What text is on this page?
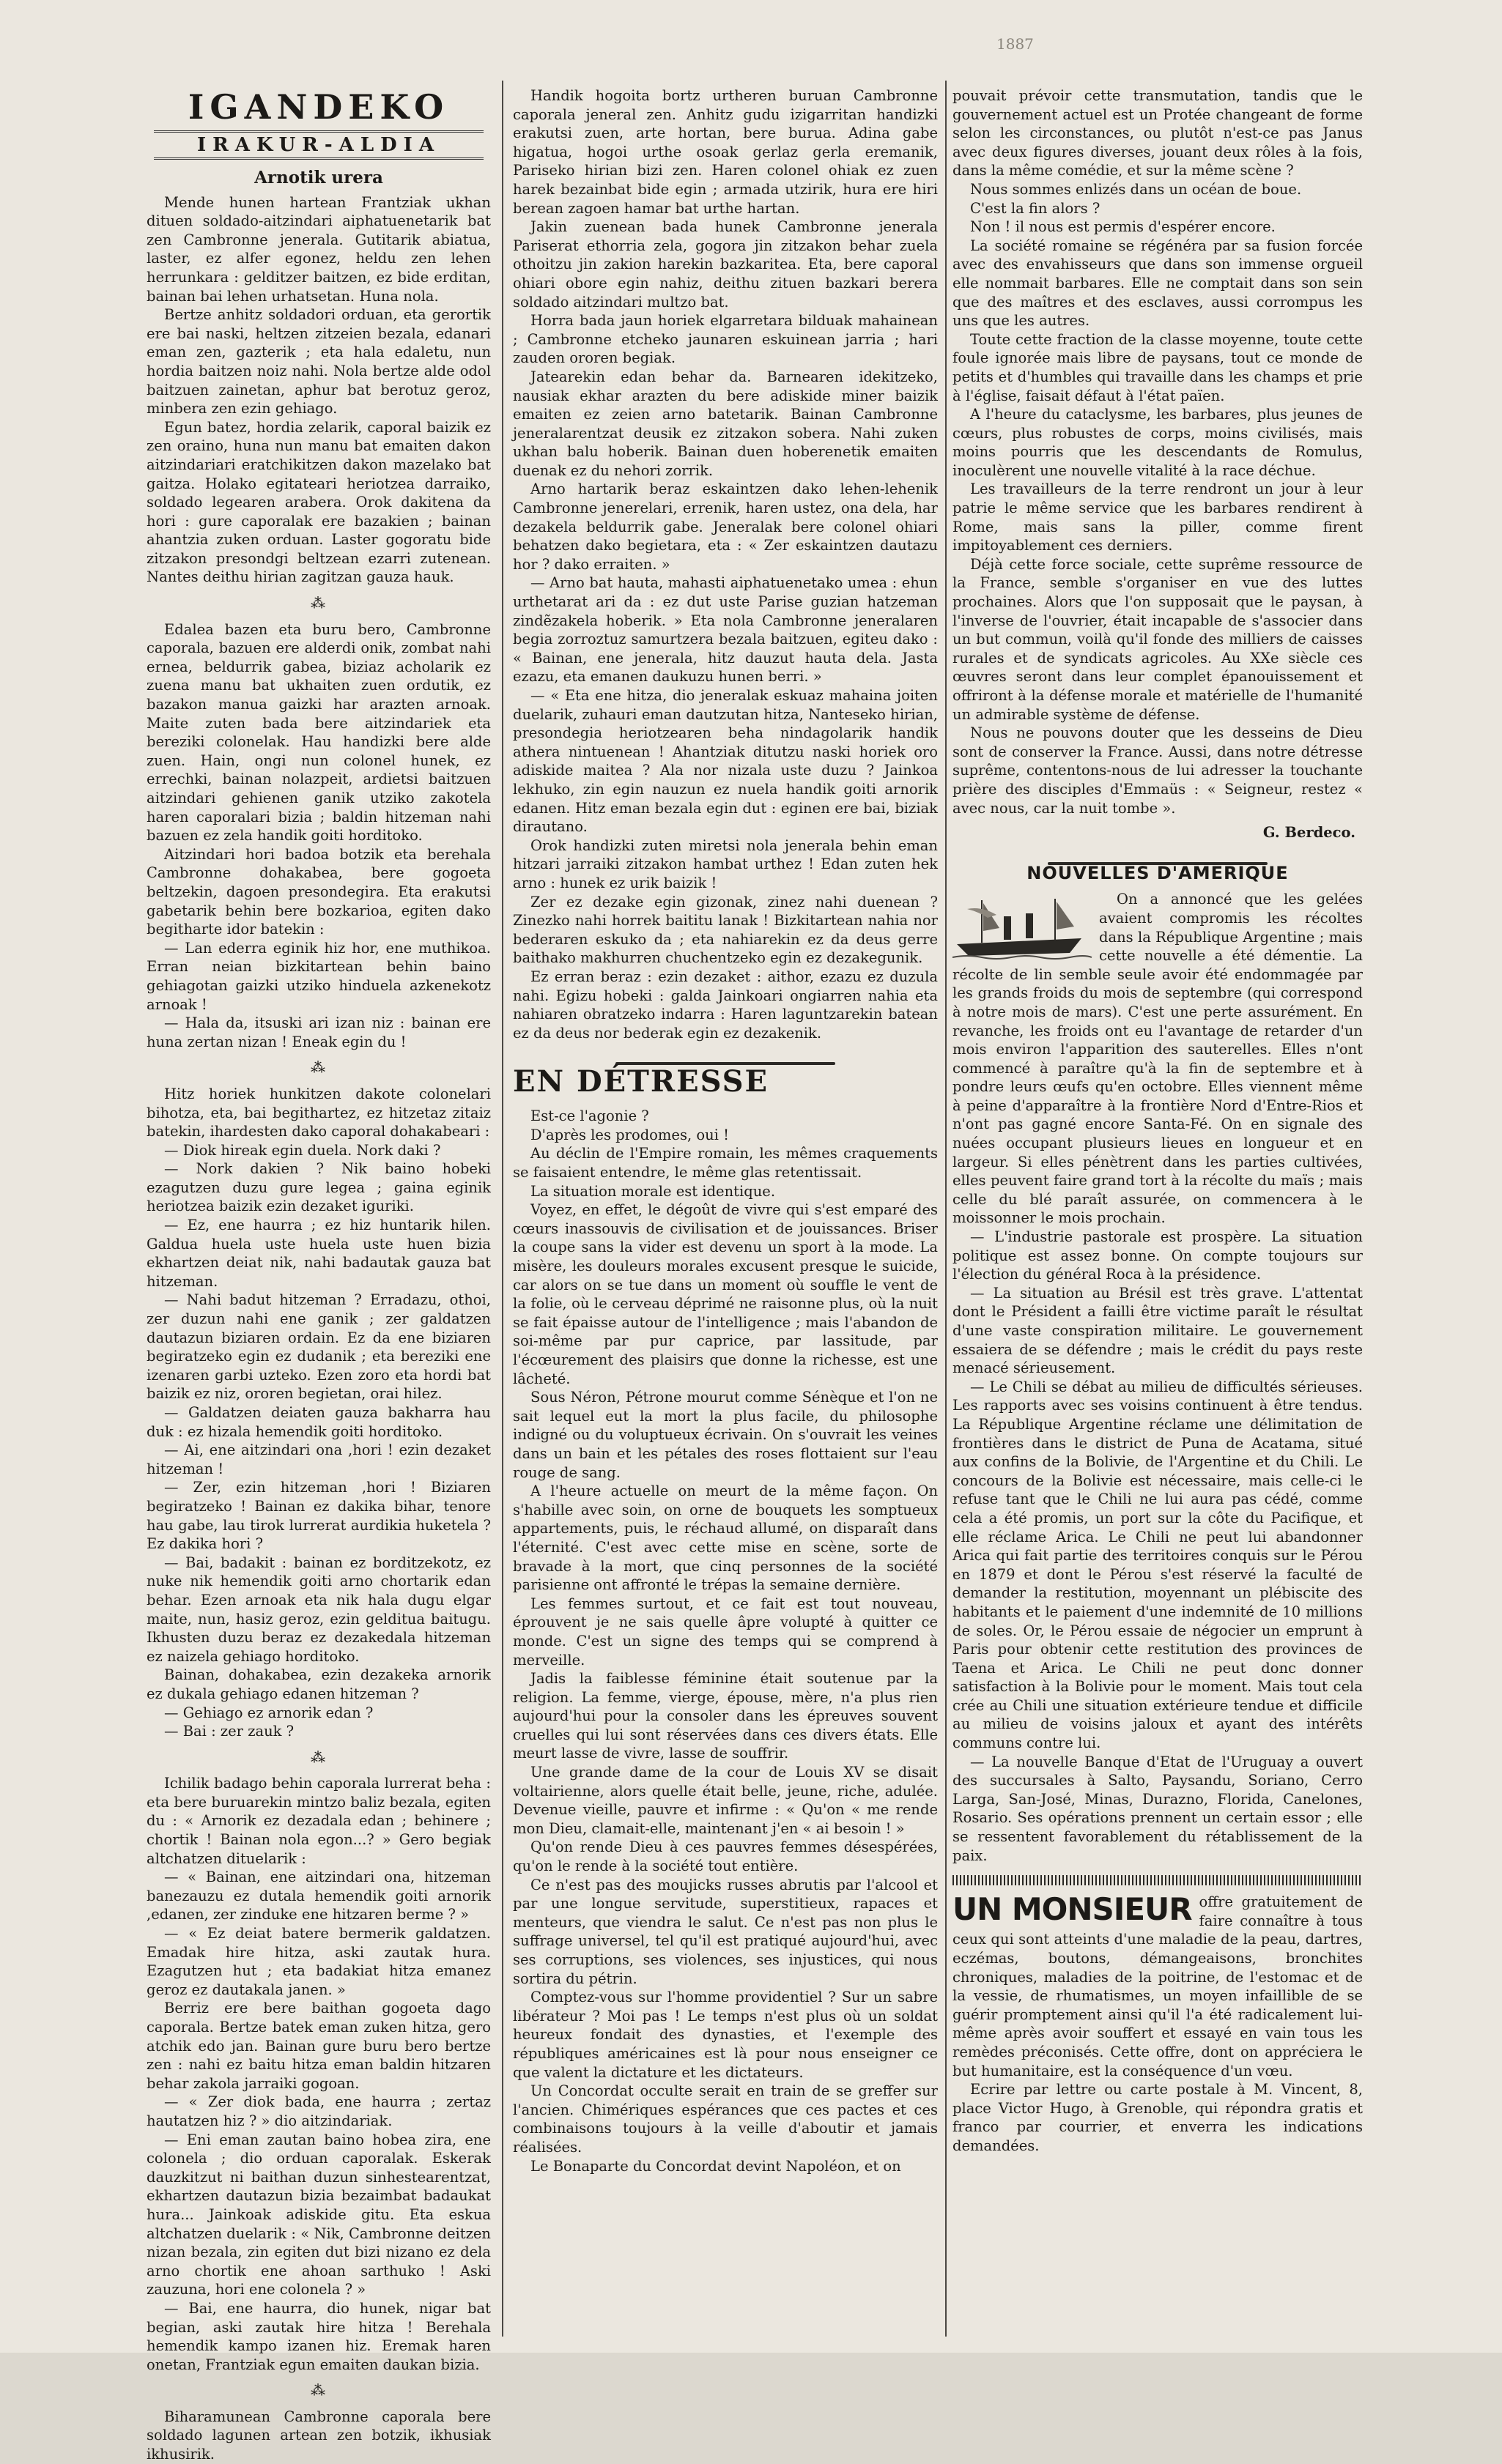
IGANDEKO
IRAKUR-ALDIA
Arnotik urera

Mende hunen hartean Frantziak ukhan dituen soldado-aitzindari aiphatuenetarik bat zen Cambronne jenerala. Gutitarik abiatua, laster, ez alfer egonez, heldu zen lehen herrunkara : gelditzer baitzen, ez bide erditan, bainan bai lehen urhatsetan. Huna nola.

Bertze anhitz soldadori orduan, eta gerortik ere bai naski, heltzen zitzeien bezala, edanari eman zen, gazterik ; eta hala edaletu, nun hordia baitzen noiz nahi. Nola bertze alde odol baitzuen zainetan, aphur bat berotuz geroz, minbera zen ezin gehiago.

Egun batez, hordia zelarik, caporal baizik ez zen oraino, huna nun manu bat emaiten dakon aitzindariari eratchikitzen dakon mazelako bat gaitza. Holako egitateari heriotzea darraiko, soldado legearen arabera. Orok dakitena da hori : gure caporalak ere bazakien ; bainan ahantzia zuken orduan. Laster gogoratu bide zitzakon presondgi beltzean ezarri zutenean. Nantes deithu hirian zagitzan gauza hauk.

⁂

Edalea bazen eta buru bero, Cambronne caporala, bazuen ere alderdi onik, zombat nahi ernea, beldurrik gabea, biziaz acholarik ez zuena manu bat ukhaiten zuen ordutik, ez bazakon manua gaizki har arazten arnoak. Maite zuten bada bere aitzindariek eta bereziki colonelak. Hau handizki bere alde zuen. Hain, ongi nun colonel hunek, ez errechki, bainan nolazpeit, ardietsi baitzuen aitzindari gehienen ganik utziko zakotela haren caporalari bizia ; baldin hitzeman nahi bazuen ez zela handik goiti horditoko.

Aitzindari hori badoa botzik eta berehala Cambronne dohakabea, bere gogoeta beltzekin, dagoen presondegira. Eta erakutsi gabetarik behin bere bozkarioa, egiten dako begitharte idor batekin :

— Lan ederra eginik hiz hor, ene muthikoa. Erran neian bizkitartean behin baino gehiagotan gaizki utziko hinduela azkenekotz arnoak !

— Hala da, itsuski ari izan niz : bainan ere huna zertan nizan ! Eneak egin du !

⁂

Hitz horiek hunkitzen dakote colonelari bihotza, eta, bai begithartez, ez hitzetaz zitaiz batekin, ihardesten dako caporal dohakabeari :

— Diok hireak egin duela. Nork daki ?

— Nork dakien ? Nik baino hobeki ezagutzen duzu gure legea ; gaina eginik heriotzea baizik ezin dezaket iguriki.

— Ez, ene haurra ; ez hiz huntarik hilen. Galdua huela uste huela uste huen bizia ekhartzen deiat nik, nahi badautak gauza bat hitzeman.

— Nahi badut hitzeman ? Erradazu, othoi, zer duzun nahi ene ganik ; zer galdatzen dautazun biziaren ordain. Ez da ene biziaren begiratzeko egin ez dudanik ; eta bereziki ene izenaren garbi uzteko. Ezen zoro eta hordi bat baizik ez niz, ororen begietan, orai hilez.

— Galdatzen deiaten gauza bakharra hau duk : ez hizala hemendik goiti horditoko.

— Ai, ene aitzindari ona ,hori ! ezin dezaket hitzeman !

— Zer, ezin hitzeman ,hori ! Biziaren begiratzeko ! Bainan ez dakika bihar, tenore hau gabe, lau tirok lurrerat aurdikia huketela ? Ez dakika hori ?

— Bai, badakit : bainan ez borditzekotz, ez nuke nik hemendik goiti arno chortarik edan behar. Ezen arnoak eta nik hala dugu elgar maite, nun, hasiz geroz, ezin gelditua baitugu. Ikhusten duzu beraz ez dezakedala hitzeman ez naizela gehiago horditoko.

Bainan, dohakabea, ezin dezakeka arnorik ez dukala gehiago edanen hitzeman ?

— Gehiago ez arnorik edan ?

— Bai : zer zauk ?

⁂

Ichilik badago behin caporala lurrerat beha : eta bere buruarekin mintzo baliz bezala, egiten du : « Arnorik ez dezadala edan ; behinere ; chortik ! Bainan nola egon...? » Gero begiak altchatzen dituelarik :

— « Bainan, ene aitzindari ona, hitzeman banezauzu ez dutala hemendik goiti arnorik ,edanen, zer zinduke ene hitzaren berme ? »

— « Ez deiat batere bermerik galdatzen. Emadak hire hitza, aski zautak hura. Ezagutzen hut ; eta badakiat hitza emanez geroz ez dautakala janen. »

Berriz ere bere baithan gogoeta dago caporala. Bertze batek eman zuken hitza, gero atchik edo jan. Bainan gure buru bero bertze zen : nahi ez baitu hitza eman baldin hitzaren behar zakola jarraiki gogoan.

— « Zer diok bada, ene haurra ; zertaz hautatzen hiz ? » dio aitzindariak.

— Eni eman zautan baino hobea zira, ene colonela ; dio orduan caporalak. Eskerak dauzkitzut ni baithan duzun sinhestearentzat, ekhartzen dautazun bizia bezaimbat badaukat hura... Jainkoak adiskide gitu. Eta eskua altchatzen duelarik : « Nik, Cambronne deitzen nizan bezala, zin egiten dut bizi nizano ez dela arno chortik ene ahoan sarthuko ! Aski zauzuna, hori ene colonela ? »

— Bai, ene haurra, dio hunek, nigar bat begian, aski zautak hire hitza ! Berehala hemendik kampo izanen hiz. Eremak haren onetan, Frantziak egun emaiten daukan bizia.

⁂

Biharamunean Cambronne caporala bere soldado lagunen artean zen botzik, ikhusiak ikhusirik.

Handik hogoita bortz urtheren buruan Cambronne caporala jeneral zen. Anhitz gudu izigarritan handizki erakutsi zuen, arte hortan, bere burua. Adina gabe higatua, hogoi urthe osoak gerlaz gerla eremanik, Pariseko hirian bizi zen. Haren colonel ohiak ez zuen harek bezainbat bide egin ; armada utzirik, hura ere hiri berean zagoen hamar bat urthe hartan.

Jakin zuenean bada hunek Cambronne jenerala Pariserat ethorria zela, gogora jin zitzakon behar zuela othoitzu jin zakion harekin bazkaritea. Eta, bere caporal ohiari obore egin nahiz, deithu zituen bazkari berera soldado aitzindari multzo bat.

Horra bada jaun horiek elgarretara bilduak mahainean ; Cambronne etcheko jaunaren eskuinean jarria ; hari zauden ororen begiak.

Jatearekin edan behar da. Barnearen idekitzeko, nausiak ekhar arazten du bere adiskide miner baizik emaiten ez zeien arno batetarik. Bainan Cambronne jeneralarentzat deusik ez zitzakon sobera. Nahi zuken ukhan balu hoberik. Bainan duen hoberenetik emaiten duenak ez du nehori zorrik.

Arno hartarik beraz eskaintzen dako lehen-lehenik Cambronne jenerelari, errenik, haren ustez, ona dela, har dezakela beldurrik gabe. Jeneralak bere colonel ohiari behatzen dako begietara, eta : « Zer eskaintzen dautazu hor ? dako erraiten. »

— Arno bat hauta, mahasti aiphatuenetako umea : ehun urthetarat ari da : ez dut uste Parise guzian hatzeman zindẽzakela hoberik. » Eta nola Cambronne jeneralaren begia zorroztuz samurtzera bezala baitzuen, egiteu dako : « Bainan, ene jenerala, hitz dauzut hauta dela. Jasta ezazu, eta emanen daukuzu hunen berri. »

— « Eta ene hitza, dio jeneralak eskuaz mahaina joiten duelarik, zuhauri eman dautzutan hitza, Nanteseko hirian, presondegia heriotzearen beha nindagolarik handik athera nintuenean ! Ahantziak ditutzu naski horiek oro adiskide maitea ? Ala nor nizala uste duzu ? Jainkoa lekhuko, zin egin nauzun ez nuela handik goiti arnorik edanen. Hitz eman bezala egin dut : eginen ere bai, biziak dirautano.

Orok handizki zuten miretsi nola jenerala behin eman hitzari jarraiki zitzakon hambat urthez ! Edan zuten hek arno : hunek ez urik baizik !

Zer ez dezake egin gizonak, zinez nahi duenean ? Zinezko nahi horrek baititu lanak ! Bizkitartean nahia nor bederaren eskuko da ; eta nahiarekin ez da deus gerre baithako makhurren chuchentzeko egin ez dezakegunik.

Ez erran beraz : ezin dezaket : aithor, ezazu ez duzula nahi. Egizu hobeki : galda Jainkoari ongiarren nahia eta nahiaren obratzeko indarra : Haren laguntzarekin batean ez da deus nor bederak egin ez dezakenik.

EN DÉTRESSE

Est-ce l'agonie ?

D'après les prodomes, oui !

Au déclin de l'Empire romain, les mêmes craquements se faisaient entendre, le même glas retentissait.

La situation morale est identique.

Voyez, en effet, le dégoût de vivre qui s'est emparé des cœurs inassouvis de civilisation et de jouissances. Briser la coupe sans la vider est devenu un sport à la mode. La misère, les douleurs morales excusent presque le suicide, car alors on se tue dans un moment où souffle le vent de la folie, où le cerveau déprimé ne raisonne plus, où la nuit se fait épaisse autour de l'intelligence ; mais l'abandon de soi-même par pur caprice, par lassitude, par l'écœurement des plaisirs que donne la richesse, est une lâcheté.

Sous Néron, Pétrone mourut comme Sénèque et l'on ne sait lequel eut la mort la plus facile, du philosophe indigné ou du voluptueux écrivain. On s'ouvrait les veines dans un bain et les pétales des roses flottaient sur l'eau rouge de sang.

A l'heure actuelle on meurt de la même façon. On s'habille avec soin, on orne de bouquets les somptueux appartements, puis, le réchaud allumé, on disparaît dans l'éternité. C'est avec cette mise en scène, sorte de bravade à la mort, que cinq personnes de la société parisienne ont affronté le trépas la semaine dernière.

Les femmes surtout, et ce fait est tout nouveau, éprouvent je ne sais quelle âpre volupté à quitter ce monde. C'est un signe des temps qui se comprend à merveille.

Jadis la faiblesse féminine était soutenue par la religion. La femme, vierge, épouse, mère, n'a plus rien aujourd'hui pour la consoler dans les épreuves souvent cruelles qui lui sont réservées dans ces divers états. Elle meurt lasse de vivre, lasse de souffrir.

Une grande dame de la cour de Louis XV se disait voltairienne, alors quelle était belle, jeune, riche, adulée. Devenue vieille, pauvre et infirme : « Qu'on « me rende mon Dieu, clamait-elle, maintenant j'en « ai besoin ! »

Qu'on rende Dieu à ces pauvres femmes désespérées, qu'on le rende à la société tout entière.

Ce n'est pas des moujicks russes abrutis par l'alcool et par une longue servitude, superstitieux, rapaces et menteurs, que viendra le salut. Ce n'est pas non plus le suffrage universel, tel qu'il est pratiqué aujourd'hui, avec ses corruptions, ses violences, ses injustices, qui nous sortira du pétrin.

Comptez-vous sur l'homme providentiel ? Sur un sabre libérateur ? Moi pas ! Le temps n'est plus où un soldat heureux fondait des dynasties, et l'exemple des républiques américaines est là pour nous enseigner ce que valent la dictature et les dictateurs.

Un Concordat occulte serait en train de se greffer sur l'ancien. Chimériques espérances que ces pactes et ces combinaisons toujours à la veille d'aboutir et jamais réalisées.

Le Bonaparte du Concordat devint Napoléon, et on

pouvait prévoir cette transmutation, tandis que le gouvernement actuel est un Protée changeant de forme selon les circonstances, ou plutôt n'est-ce pas Janus avec deux figures diverses, jouant deux rôles à la fois, dans la même comédie, et sur la même scène ?

Nous sommes enlizés dans un océan de boue.

C'est la fin alors ?

Non ! il nous est permis d'espérer encore.

La société romaine se régénéra par sa fusion forcée avec des envahisseurs que dans son immense orgueil elle nommait barbares. Elle ne comptait dans son sein que des maîtres et des esclaves, aussi corrompus les uns que les autres.

Toute cette fraction de la classe moyenne, toute cette foule ignorée mais libre de paysans, tout ce monde de petits et d'humbles qui travaille dans les champs et prie à l'église, faisait défaut à l'état païen.

A l'heure du cataclysme, les barbares, plus jeunes de cœurs, plus robustes de corps, moins civilisés, mais moins pourris que les descendants de Romulus, inoculèrent une nouvelle vitalité à la race déchue.

Les travailleurs de la terre rendront un jour à leur patrie le même service que les barbares rendirent à Rome, mais sans la piller, comme firent impitoyablement ces derniers.

Déjà cette force sociale, cette suprême ressource de la France, semble s'organiser en vue des luttes prochaines. Alors que l'on supposait que le paysan, à l'inverse de l'ouvrier, était incapable de s'associer dans un but commun, voilà qu'il fonde des milliers de caisses rurales et de syndicats agricoles. Au XXe siècle ces œuvres seront dans leur complet épanouissement et offriront à la défense morale et matérielle de l'humanité un admirable système de défense.

Nous ne pouvons douter que les desseins de Dieu sont de conserver la France. Aussi, dans notre détresse suprême, contentons-nous de lui adresser la touchante prière des disciples d'Emmaüs : « Seigneur, restez « avec nous, car la nuit tombe ».

G. Berdeco.
NOUVELLES D'AMERIQUE

On a annoncé que les gelées avaient compromis les récoltes dans la République Argentine ; mais cette nouvelle a été démentie. La récolte de lin semble seule avoir été endommagée par les grands froids du mois de septembre (qui correspond à notre mois de mars). C'est une perte assurément. En revanche, les froids ont eu l'avantage de retarder d'un mois environ l'apparition des sauterelles. Elles n'ont commencé à paraître qu'à la fin de septembre et à pondre leurs œufs qu'en octobre. Elles viennent même à peine d'apparaître à la frontière Nord d'Entre-Rios et n'ont pas gagné encore Santa-Fé. On en signale des nuées occupant plusieurs lieues en longueur et en largeur. Si elles pénètrent dans les parties cultivées, elles peuvent faire grand tort à la récolte du maïs ; mais celle du blé paraît assurée, on commencera à le moissonner le mois prochain.

— L'industrie pastorale est prospère. La situation politique est assez bonne. On compte toujours sur l'élection du général Roca à la présidence.

— La situation au Brésil est très grave. L'attentat dont le Président a failli être victime paraît le résultat d'une vaste conspiration militaire. Le gouvernement essaiera de se défendre ; mais le crédit du pays reste menacé sérieusement.

— Le Chili se débat au milieu de difficultés sérieuses. Les rapports avec ses voisins continuent à être tendus. La République Argentine réclame une délimitation de frontières dans le district de Puna de Acatama, situé aux confins de la Bolivie, de l'Argentine et du Chili. Le concours de la Bolivie est nécessaire, mais celle-ci le refuse tant que le Chili ne lui aura pas cédé, comme cela a été promis, un port sur la côte du Pacifique, et elle réclame Arica. Le Chili ne peut lui abandonner Arica qui fait partie des territoires conquis sur le Pérou en 1879 et dont le Pérou s'est réservé la faculté de demander la restitution, moyennant un plébiscite des habitants et le paiement d'une indemnité de 10 millions de soles. Or, le Pérou essaie de négocier un emprunt à Paris pour obtenir cette restitution des provinces de Taena et Arica. Le Chili ne peut donc donner satisfaction à la Bolivie pour le moment. Mais tout cela crée au Chili une situation extérieure tendue et difficile au milieu de voisins jaloux et ayant des intérêts communs contre lui.

— La nouvelle Banque d'Etat de l'Uruguay a ouvert des succursales à Salto, Paysandu, Soriano, Cerro Larga, San-José, Minas, Durazno, Florida, Canelones, Rosario. Ses opérations prennent un certain essor ; elle se ressentent favorablement du rétablissement de la paix.

UN MONSIEUR offre gratuitement de faire connaître à tous ceux qui sont atteints d'une maladie de la peau, dartres, eczémas, boutons, démangeaisons, bronchites chroniques, maladies de la poitrine, de l'estomac et de la vessie, de rhumatismes, un moyen infaillible de se guérir promptement ainsi qu'il l'a été radicalement lui-même après avoir souffert et essayé en vain tous les remèdes préconisés. Cette offre, dont on appréciera le but humanitaire, est la conséquence d'un vœu.

Ecrire par lettre ou carte postale à M. Vincent, 8, place Victor Hugo, à Grenoble, qui répondra gratis et franco par courrier, et enverra les indications demandées.

1887
